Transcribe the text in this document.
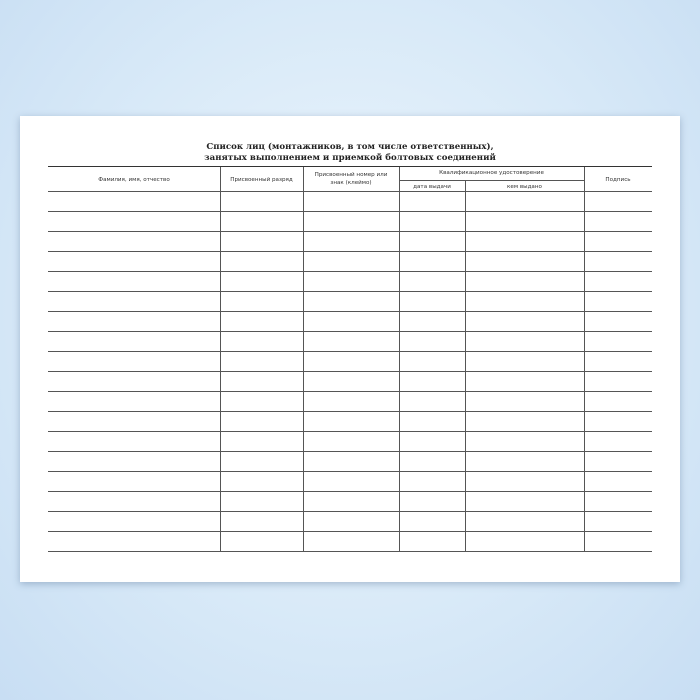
Список лиц (монтажников, в том числе ответственных),
занятых выполнением и приемкой болтовых соединений
Фамилия, имя, отчество	Присвоенный разряд
Присвоенный номер или знак (клеймо)
Квалификационное удостоверение
дата выдачи	кем выдано
Подпись
